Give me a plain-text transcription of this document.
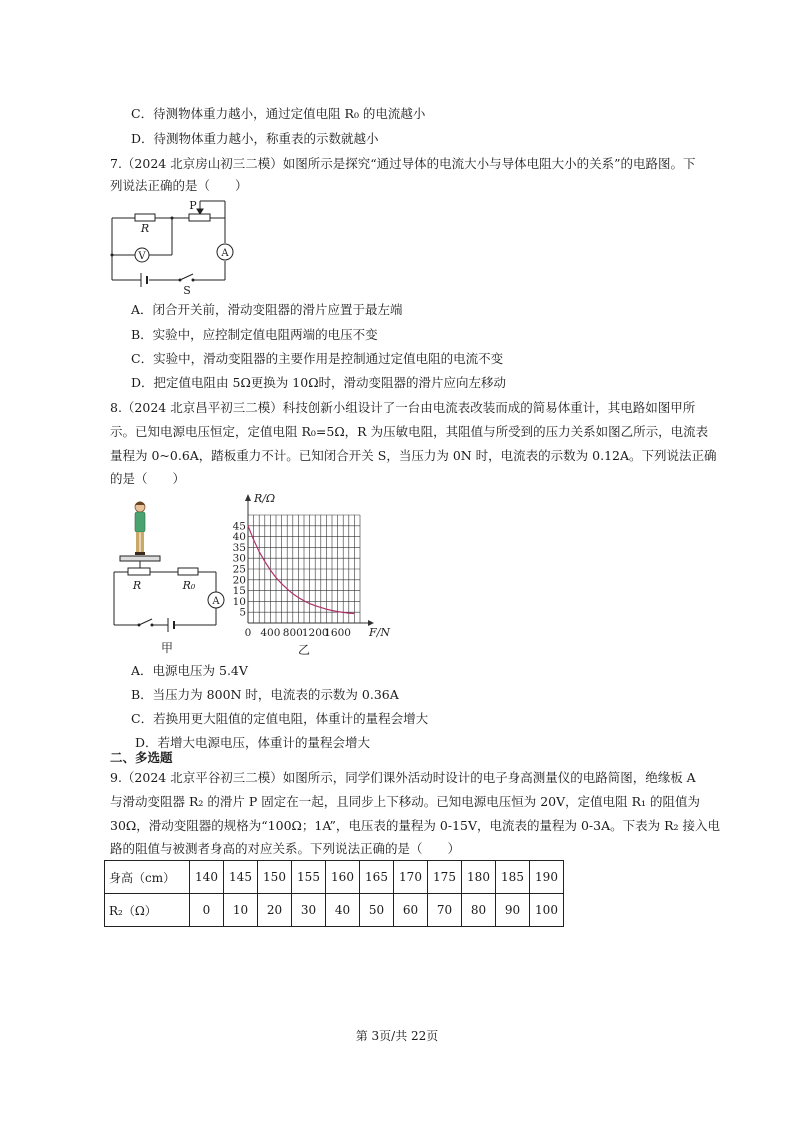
C．待测物体重力越小，通过定值电阻 R₀ 的电流越小
D．待测物体重力越小，称重表的示数就越小
7.（2024 北京房山初三二模）如图所示是探究“通过导体的电流大小与导体电阻大小的关系”的电路图。下
列说法正确的是（　　）
R
P
V	A
S
A．闭合开关前，滑动变阻器的滑片应置于最左端
B．实验中，应控制定值电阻两端的电压不变
C．实验中，滑动变阻器的主要作用是控制通过定值电阻的电流不变
D．把定值电阻由 5Ω更换为 10Ω时，滑动变阻器的滑片应向左移动
8.（2024 北京昌平初三二模）科技创新小组设计了一台由电流表改装而成的简易体重计，其电路如图甲所
示。已知电源电压恒定，定值电阻 R₀=5Ω，R 为压敏电阻，其阻值与所受到的压力关系如图乙所示，电流表
量程为 0~0.6A，踏板重力不计。已知闭合开关 S，当压力为 0N 时，电流表的示数为 0.12A。下列说法正确
的是（　　）
A
R	R₀
甲
0 400 800 1200
1600
5
10
15
20
25
30
35
40
45
R/Ω
F/N
乙
A．电源电压为 5.4V
B．当压力为 800N 时，电流表的示数为 0.36A
C．若换用更大阻值的定值电阻，体重计的量程会增大
D．若增大电源电压，体重计的量程会增大
二、多选题
9.（2024 北京平谷初三二模）如图所示，同学们课外活动时设计的电子身高测量仪的电路简图，绝缘板 A
与滑动变阻器 R₂ 的滑片 P 固定在一起，且同步上下移动。已知电源电压恒为 20V，定值电阻 R₁ 的阻值为
30Ω，滑动变阻器的规格为“100Ω；1A”，电压表的量程为 0-15V，电流表的量程为 0-3A。下表为 R₂ 接入电
路的阻值与被测者身高的对应关系。下列说法正确的是（　　）
身高（cm）	140	145	150	155	160	165	170	175	180	185	190
R₂（Ω）	0	10	20	30	40	50	60	70	80	90	100
第 3页/共 22页
